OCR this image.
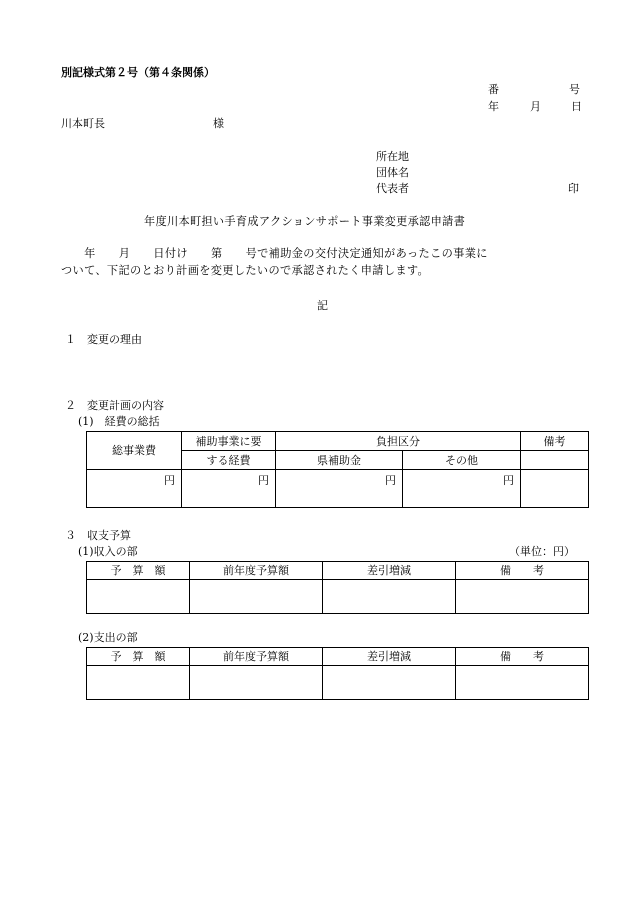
別記様式第２号（第４条関係）
番	号
年	月	日
川本町長	様
所在地
団体名
代表者	印
年度川本町担い手育成アクションサポート事業変更承認申請書
　　年　　月　　日付け　　第　　号で補助金の交付決定通知があったこの事業に
ついて、下記のとおり計画を変更したいので承認されたく申請します。
記
１　変更の理由
２　変更計画の内容
(1)　経費の総括
総事業費	補助事業に要	負担区分		備考
	する経費	県補助金	その他	
円	円	円	円	
３　収支予算
(1)収入の部	（単位：円）
予　算　額	前年度予算額	差引増減	備　　考

(2)支出の部
予　算　額	前年度予算額	差引増減	備　　考
